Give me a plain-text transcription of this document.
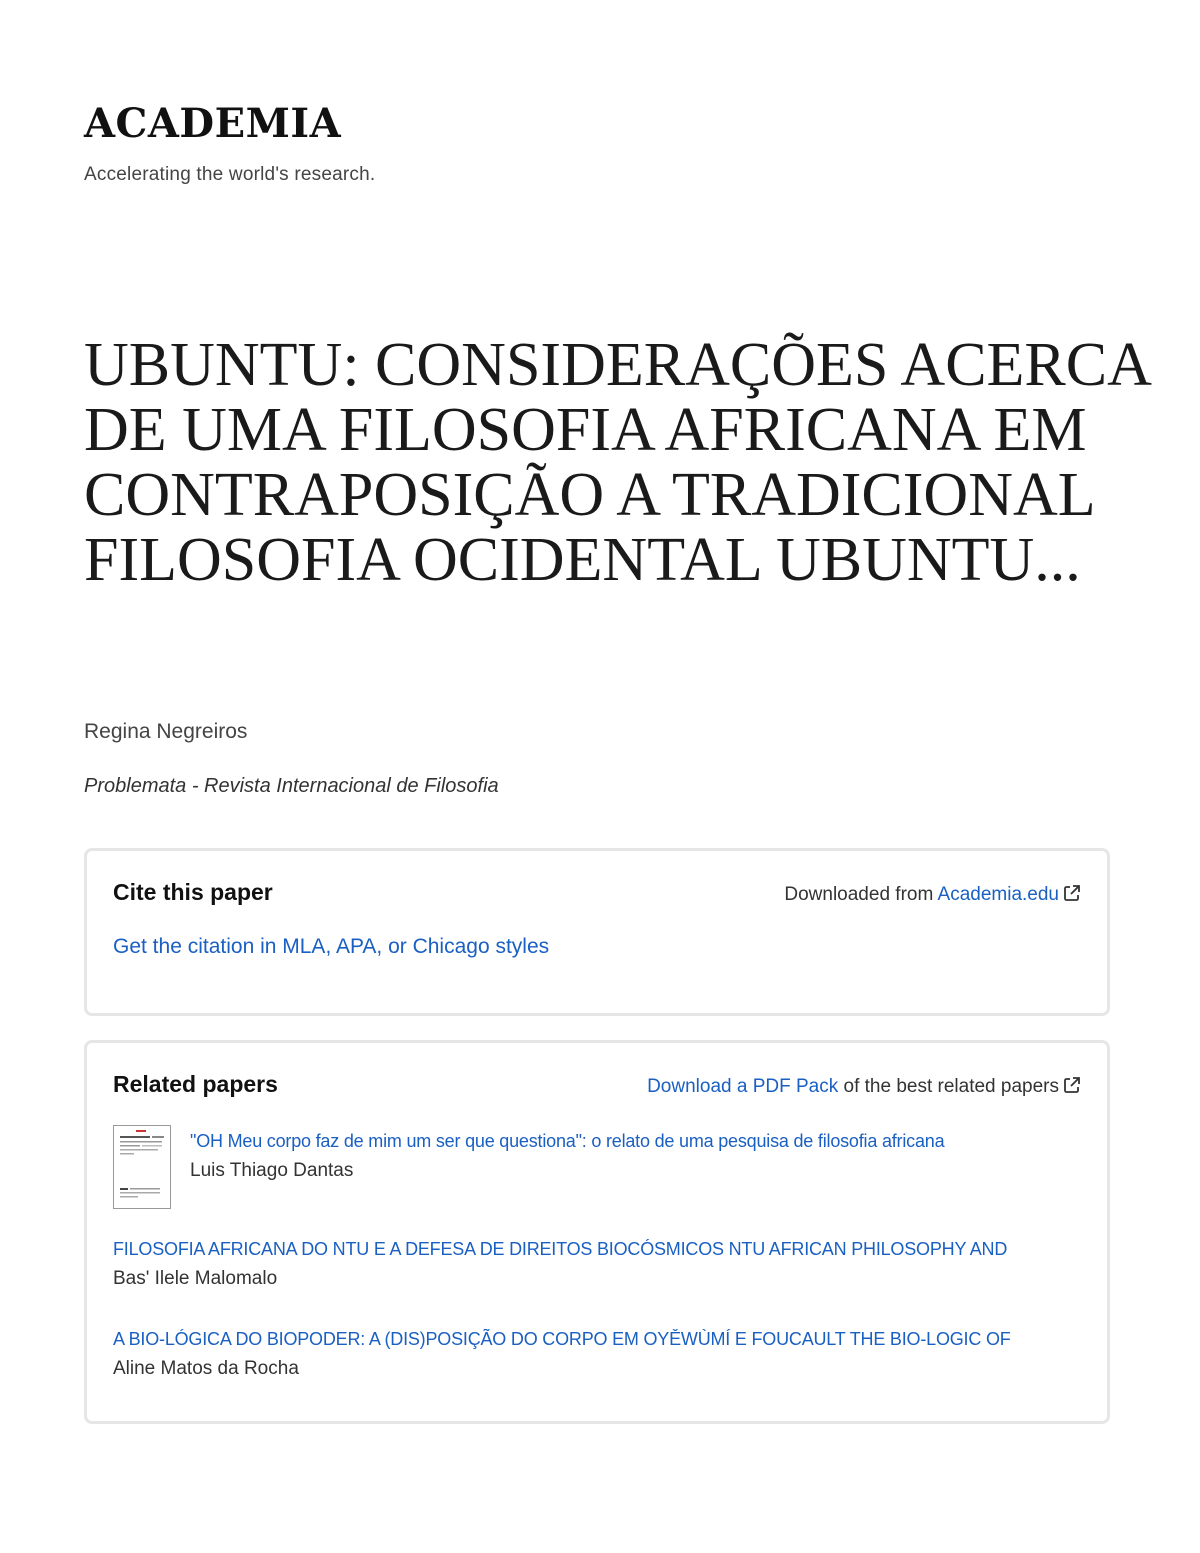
ACADEMIA
Accelerating the world's research.
UBUNTU: CONSIDERAÇÕES ACERCA DE UMA FILOSOFIA AFRICANA EM CONTRAPOSIÇÃO A TRADICIONAL FILOSOFIA OCIDENTAL UBUNTU...
Regina Negreiros
Problemata - Revista Internacional de Filosofia
Cite this paper	Downloaded from Academia.edu
Get the citation in MLA, APA, or Chicago styles
Related papers	Download a PDF Pack of the best related papers
"OH Meu corpo faz de mim um ser que questiona": o relato de uma pesquisa de filosofia africana
Luis Thiago Dantas
FILOSOFIA AFRICANA DO NTU E A DEFESA DE DIREITOS BIOCÓSMICOS NTU AFRICAN PHILOSOPHY AND
Bas' Ilele Malomalo
A BIO-LÓGICA DO BIOPODER: A (DIS)POSIÇÃO DO CORPO EM OYĚWÙMÍ E FOUCAULT THE BIO-LOGIC OF
Aline Matos da Rocha
